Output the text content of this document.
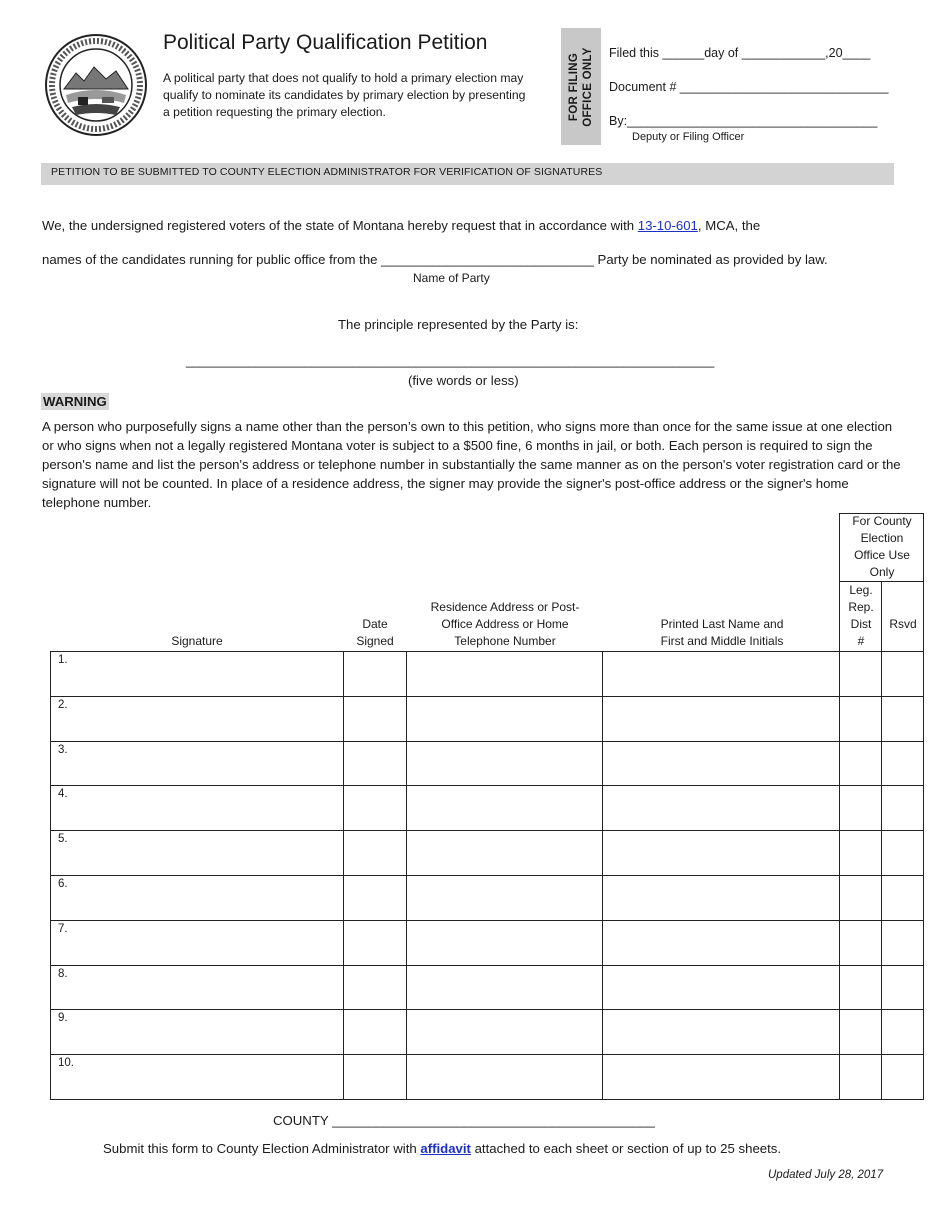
Political Party Qualification Petition
A political party that does not qualify to hold a primary election may qualify to nominate its candidates by primary election by presenting a petition requesting the primary election.	FOR FILING OFFICE ONLY Filed this ______day of ____________,20____
Document # ______________________________
By:____________________________________
Deputy or Filing Officer
PETITION TO BE SUBMITTED TO COUNTY ELECTION ADMINISTRATOR FOR VERIFICATION OF SIGNATURES
We, the undersigned registered voters of the state of Montana hereby request that in accordance with 13-10-601, MCA, the
names of the candidates running for public office from the _____________________________ Party be nominated as provided by law.
Name of Party
The principle represented by the Party is:
____________________________________________________________________________
(five words or less)
WARNING
A person who purposefully signs a name other than the person’s own to this petition, who signs more than once for the same issue at one election or who signs when not a legally registered Montana voter is subject to a $500 fine, 6 months in jail, or both. Each person is required to sign the person's name and list the person's address or telephone number in substantially the same manner as on the person's voter registration card or the signature will not be counted. In place of a residence address, the signer may provide the signer's post-office address or the signer's home telephone number.
Signature
Date
Signed
Residence Address or Post-
Office Address or Home
Telephone Number
Printed Last Name and
First and Middle Initials
For County
Election
Office Use
Only
Leg.
Rep.
Dist
#
Rsvd
1.
2.
3.
4.
5.
6.
7.
8.
9.
10.
COUNTY ____________________________________________
Submit this form to County Election Administrator with affidavit attached to each sheet or section of up to 25 sheets.
Updated July 28, 2017
